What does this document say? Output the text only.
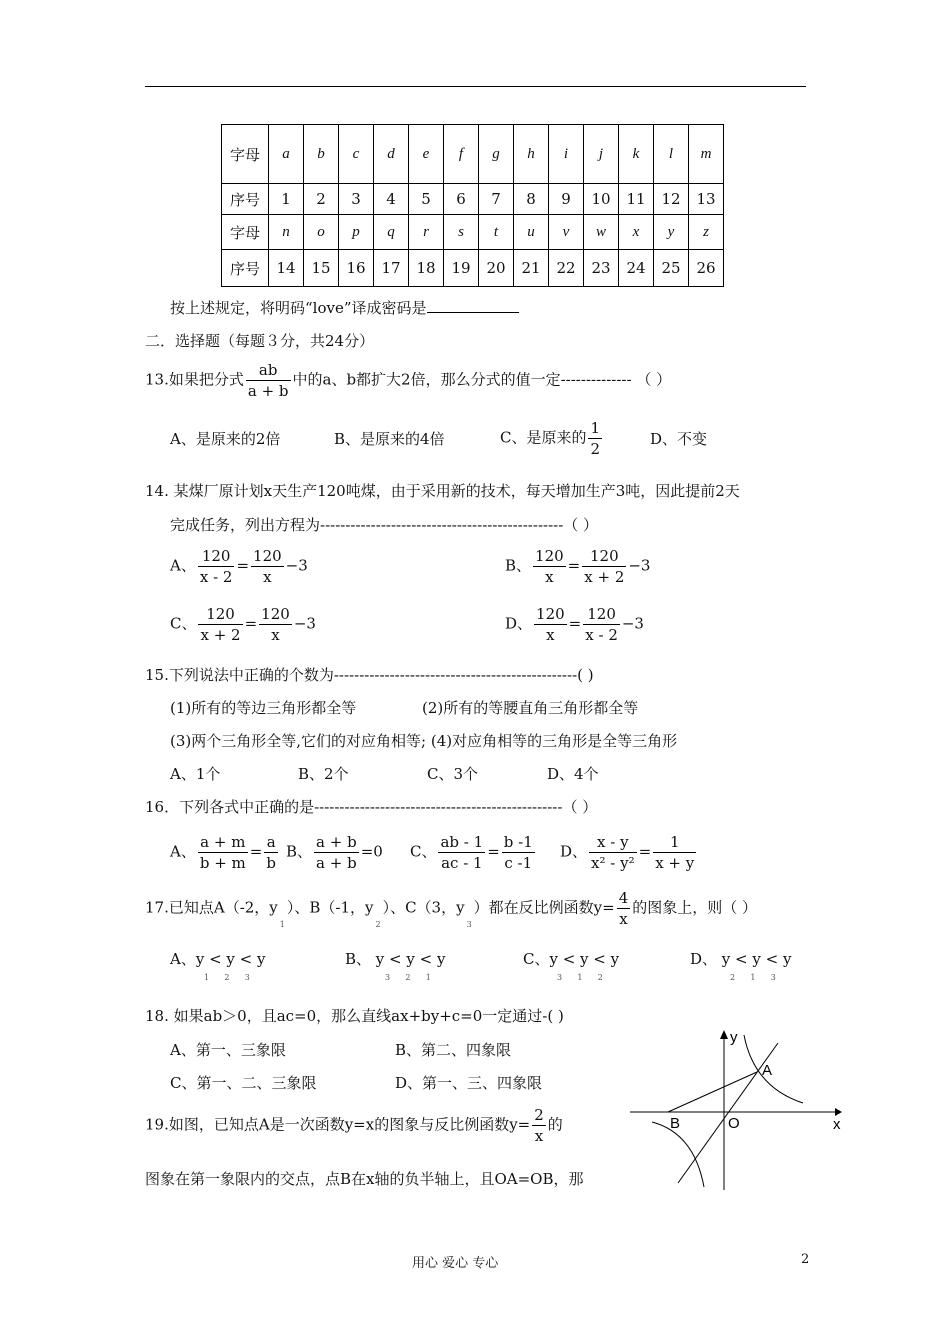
字母	a	b	c	d	e	f	g	h	i	j	k	l	m
序号	1	2	3	4	5	6	7	8	9	10	11	12	13
字母	n	o	p	q	r	s	t	u	v	w	x	y	z
序号	14	15	16	17	18	19	20	21	22	23	24	25	26
按上述规定，将明码“love”译成密码是
二．选择题（每题３分，共24分）
13.如果把分式 $\frac{ab}{a + b}$ 中的a、b都扩大2倍，那么分式的值一定-------------- （ ）
A、是原来的2倍	B、是原来的4倍	C、是原来的 $\frac{1}{2}$	D、不变
14. 某煤厂原计划x天生产120吨煤，由于采用新的技术，每天增加生产3吨，因此提前2天
完成任务，列出方程为------------------------------------------------（ ）
A、 $\frac{120}{x - 2} = \frac{120}{x} -3$	B、 $\frac{120}{x} = \frac{120}{x + 2} -3$
C、 $\frac{120}{x + 2} = \frac{120}{x} -3$	D、 $\frac{120}{x} = \frac{120}{x - 2} -3$
15.下列说法中正确的个数为------------------------------------------------( )
(1)所有的等边三角形都全等	(2)所有的等腰直角三角形都全等
(3)两个三角形全等,它们的对应角相等; (4)对应角相等的三角形是全等三角形
A、1个	B、2个	C、3个	D、4个
16．下列各式中正确的是-------------------------------------------------（ ）
A、 $\frac{a + m}{b + m} = \frac{a}{b}$ B、 $\frac{a + b}{a + b} =0$ C、 $\frac{ab - 1}{ac - 1} = \frac{b -1}{c -1}$ D、 $\frac{x - y}{\text{x² - y²}} = \frac{1}{x + y}$
17.已知点A（-2，$y_1$）、B（-1，$y_2$）、C（3，$y_3$）都在反比例函数$y= \frac{4}{x}$ 的图象上，则（ ）
A、y < y < y
1      2      3
B、 y < y < y
3      2      1
C、y < y < y
3      1      2
D、 y < y < y
2      1      3
18. 如果ab＞0，且ac=0，那么直线ax+by+c=0一定通过-( )
A、第一、三象限	B、第二、四象限
C、第一、二、三象限	D、第一、三、四象限
19.如图，已知点A是一次函数y=x的图象与反比例函数$y= \frac{2}{x}$ 的
图象在第一象限内的交点，点B在x轴的负半轴上，且OA=OB，那
y
x
A
B	O
用心 爱心 专心	2
